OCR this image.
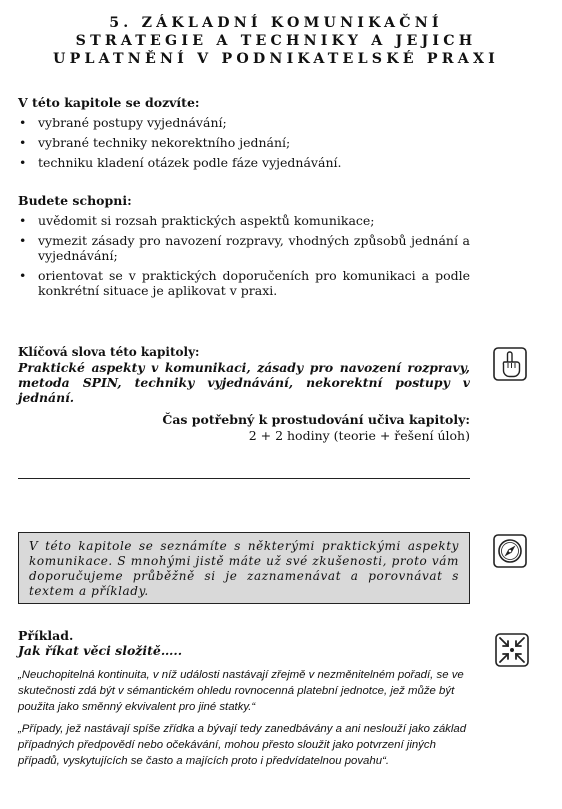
5. ZÁKLADNÍ KOMUNIKAČNÍ
STRATEGIE A TECHNIKY A JEJICH
UPLATNĚNÍ V PODNIKATELSKÉ PRAXI
V této kapitole se dozvíte:
• vybrané postupy vyjednávání;
• vybrané techniky nekorektního jednání;
• techniku kladení otázek podle fáze vyjednávání.
Budete schopni:
• uvědomit si rozsah praktických aspektů komunikace;
• vymezit zásady pro navození rozpravy, vhodných způsobů jednání a vyjednávání;
• orientovat se v praktických doporučeních pro komunikaci a podle konkrétní situace je aplikovat v praxi.
Klíčová slova této kapitoly:
Praktické aspekty v komunikaci, zásady pro navození rozpravy, metoda SPIN, techniky vyjednávání, nekorektní postupy v jednání.
Čas potřebný k prostudování učiva kapitoly:
2 + 2 hodiny (teorie + řešení úloh)
V této kapitole se seznámíte s některými praktickými aspekty komunikace. S mnohými jistě máte už své zkušenosti, proto vám doporučujeme průběžně si je zaznamenávat a porovnávat s textem a příklady.
Příklad.
Jak říkat věci složitě…..
„Neuchopitelná kontinuita, v níž události nastávají zřejmě v nezměnitelném pořadí, se ve skutečnosti zdá být v sémantickém ohledu rovnocenná platební jednotce, jež může být použita jako směnný ekvivalent pro jiné statky.“
„Případy, jež nastávají spíše zřídka a bývají tedy zanedbávány a ani neslouží jako základ případných předpovědí nebo očekávání, mohou přesto sloužit jako potvrzení jiných případů, vyskytujících se často a majících proto i předvídatelnou povahu“.
